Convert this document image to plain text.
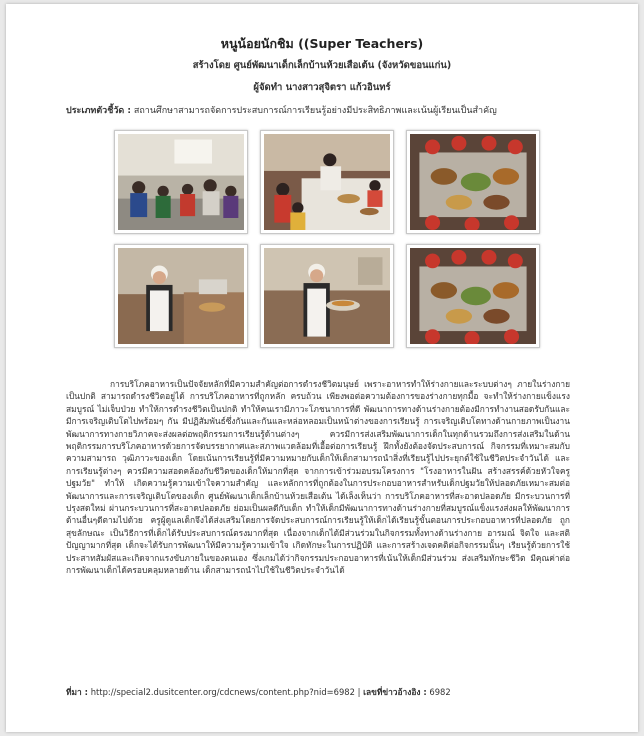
หนูน้อยนักชิม ((Super Teachers)
สร้างโดย ศูนย์พัฒนาเด็กเล็กบ้านห้วยเสือเต้น (จังหวัดขอนแก่น)
ผู้จัดทำ นางสาวสุจิตรา แก้วอินทร์
ประเภทตัวชี้วัด : สถานศึกษาสามารถจัดการประสบการณ์การเรียนรู้อย่างมีประสิทธิภาพและเน้นผู้เรียนเป็นสำคัญ
การบริโภคอาหารเป็นปัจจัยหลักที่มีความสำคัญต่อการดำรงชีวิตมนุษย์ เพราะอาหารทำให้ร่างกายและระบบต่างๆ ภายในร่างกายเป็นปกติ สามารถดำรงชีวิตอยู่ได้ การบริโภคอาหารที่ถูกหลัก ครบถ้วน เพียงพอต่อความต้องการของร่างกายทุกมื้อ จะทำให้ร่างกายแข็งแรงสมบูรณ์ ไม่เจ็บป่วย ทำให้การดำรงชีวิตเป็นปกติ ทำให้คนเรามีภาวะโภชนาการที่ดี พัฒนาการทางด้านร่างกายต้องมีการทำงานสอดรับกันและมีการเจริญเติบโตไปพร้อมๆ กัน มีปฏิสัมพันธ์ซึ่งกันและกันและหล่อหลอมเป็นหน้าต่างของการเรียนรู้ การเจริญเติบโตทางด้านกายภาพเป็นงานพัฒนาการทางกายวิภาคจะส่งผลต่อพฤติกรรมการเรียนรู้ด้านต่างๆ ควรมีการส่งเสริมพัฒนาการเด็กในทุกด้านรวมถึงการส่งเสริมในด้านพฤติกรรมการบริโภคอาหารด้วยการจัดบรรยากาศและสภาพแวดล้อมที่เอื้อต่อการเรียนรู้ ฝึกทั้งยังต้องจัดประสบการณ์ กิจกรรมที่เหมาะสมกับความสามารถ วุฒิภาวะของเด็ก โดยเน้นการเรียนรู้ที่มีความหมายกับเด็กให้เด็กสามารถนำสิ่งที่เรียนรู้ไปประยุกต์ใช้ในชีวิตประจำวันได้ และการเรียนรู้ต่างๆ ควรมีความสอดคล้องกับชีวิตของเด็กให้มากที่สุด จากการเข้าร่วมอบรมโครงการ "โรงอาหารในฝัน สร้างสรรค์ด้วยหัวใจครูปฐมวัย" ทำให้ เกิดความรู้ความเข้าใจความสำคัญ และหลักการที่ถูกต้องในการประกอบอาหารสำหรับเด็กปฐมวัยให้ปลอดภัยเหมาะสมต่อพัฒนาการและการเจริญเติบโตของเด็ก ศูนย์พัฒนาเด็กเล็กบ้านห้วยเสือเต้น ได้เล็งเห็นว่า การบริโภคอาหารที่สะอาดปลอดภัย มีกระบวนการที่ปรุงสดใหม่ ผ่านกระบวนการที่สะอาดปลอดภัย ย่อมเป็นผลดีกับเด็ก ทำให้เด็กมีพัฒนาการทางด้านร่างกายที่สมบูรณ์แข็งแรงส่งผลให้พัฒนาการด้านอื่นๆดีตามไปด้วย ครูผู้ดูแลเด็กจึงได้ส่งเสริมโดยการจัดประสบการณ์การเรียนรู้ให้เด็กได้เรียนรู้ขั้นตอนการประกอบอาหารที่ปลอดภัย ถูกสุขลักษณะ เป็นวิธีการที่เด็กได้รับประสบการณ์ตรงมากที่สุด เนื่องจากเด็กได้มีส่วนร่วมในกิจกรรมทั้งทางด้านร่างกาย อารมณ์ จิตใจ และสติปัญญามากที่สุด เด็กจะได้รับการพัฒนาให้มีความรู้ความเข้าใจ เกิดทักษะในการปฏิบัติ และการสร้างเจตคติต่อกิจกรรมนั้นๆ เรียนรู้ด้วยการใช้ประสาทสัมผัสและเกิดจากแรงขับภายในของตนเอง ซึ่งเกมได้ว่ากิจกรรมประกอบอาหารที่เน้นให้เด็กมีส่วนร่วม ส่งเสริมทักษะชีวิต มีคุณค่าต่อการพัฒนาเด็กได้ครอบคลุมหลายด้าน เด็กสามารถนำไปใช้ในชีวิตประจำวันได้
ที่มา : http://special2.dusitcenter.org/cdcnews/content.php?nid=6982 | เลขที่ข่าวอ้างอิง : 6982
